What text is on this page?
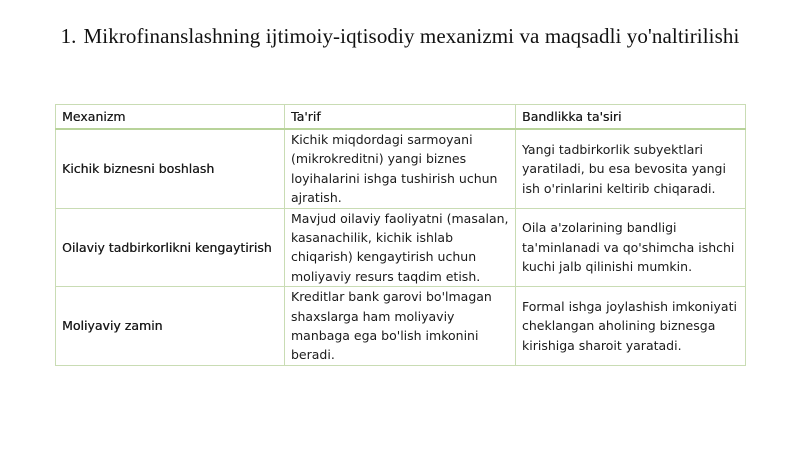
1. Mikrofinanslashning ijtimoiy-iqtisodiy mexanizmi va maqsadli yo'naltirilishi
Mexanizm	Ta'rif	Bandlikka ta'siri
Kichik biznesni boshlash	Kichik miqdordagi sarmoyani (mikrokreditni) yangi biznes loyihalarini ishga tushirish uchun ajratish.	Yangi tadbirkorlik subyektlari yaratiladi, bu esa bevosita yangi ish o'rinlarini keltirib chiqaradi.
Oilaviy tadbirkorlikni kengaytirish	Mavjud oilaviy faoliyatni (masalan, kasanachilik, kichik ishlab chiqarish) kengaytirish uchun moliyaviy resurs taqdim etish.	Oila a'zolarining bandligi ta'minlanadi va qo'shimcha ishchi kuchi jalb qilinishi mumkin.
Moliyaviy zamin	Kreditlar bank garovi bo'lmagan shaxslarga ham moliyaviy manbaga ega bo'lish imkonini beradi.	Formal ishga joylashish imkoniyati cheklangan aholining biznesga kirishiga sharoit yaratadi.
